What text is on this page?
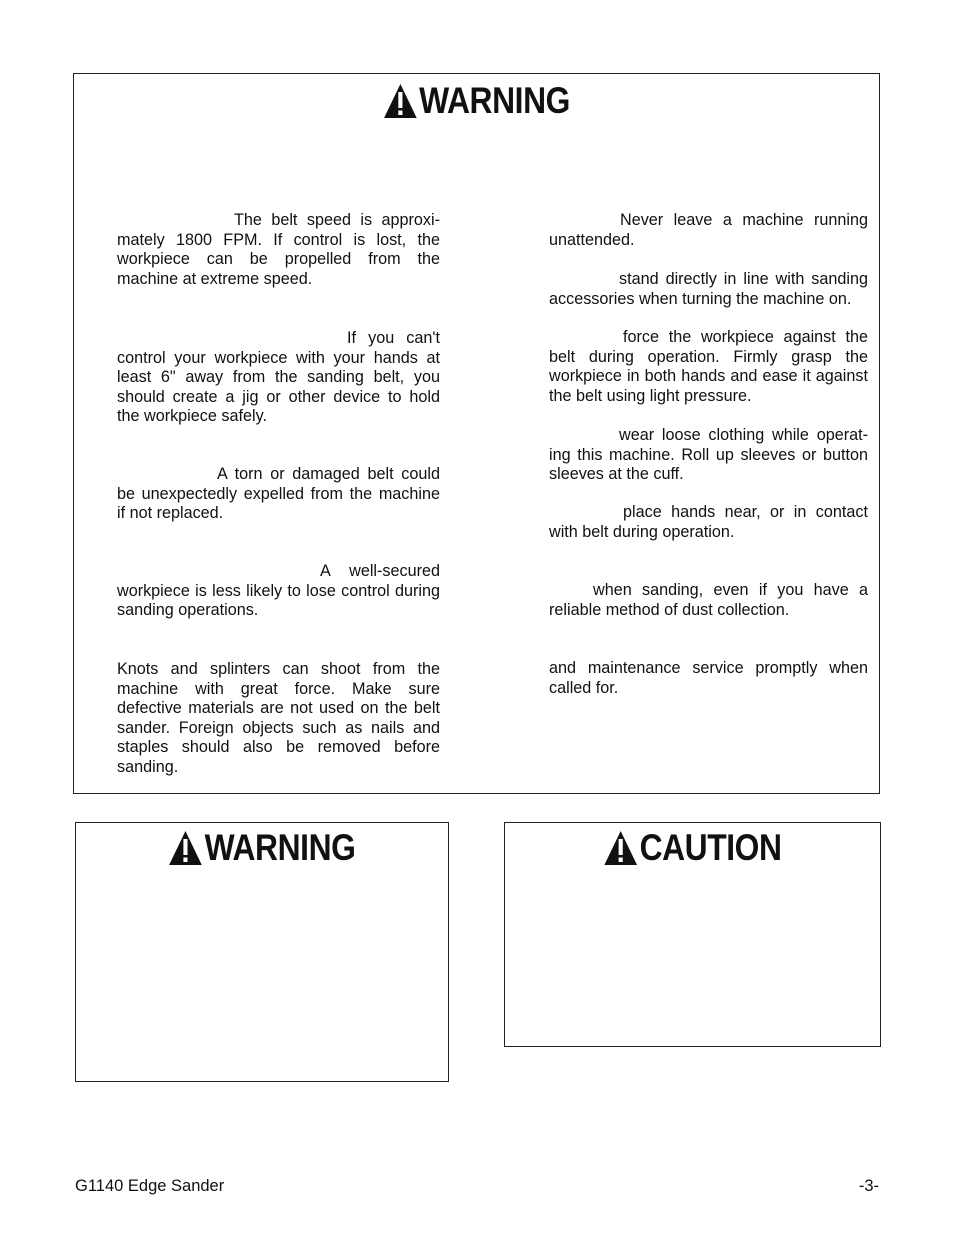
WARNING

The belt speed is approximately 1800 FPM. If control is lost, the workpiece can be propelled from the machine at extreme speed.

If you can't control your workpiece with your hands at least 6" away from the sanding belt, you should create a jig or other device to hold the workpiece safely.

A torn or damaged belt could be unexpectedly expelled from the machine if not replaced.

A well-secured workpiece is less likely to lose control during sanding operations.

Knots and splinters can shoot from the machine with great force. Make sure defective materials are not used on the belt sander. Foreign objects such as nails and staples should also be removed before sanding.

Never leave a machine running unattended.

stand directly in line with sanding accessories when turning the machine on.

force the workpiece against the belt during operation. Firmly grasp the workpiece in both hands and ease it against the belt using light pressure.

wear loose clothing while operating this machine. Roll up sleeves or button sleeves at the cuff.

place hands near, or in contact with belt during operation.

when sanding, even if you have a reliable method of dust collection.

and maintenance service promptly when called for.

WARNING	CAUTION
G1140 Edge Sander	-3-
